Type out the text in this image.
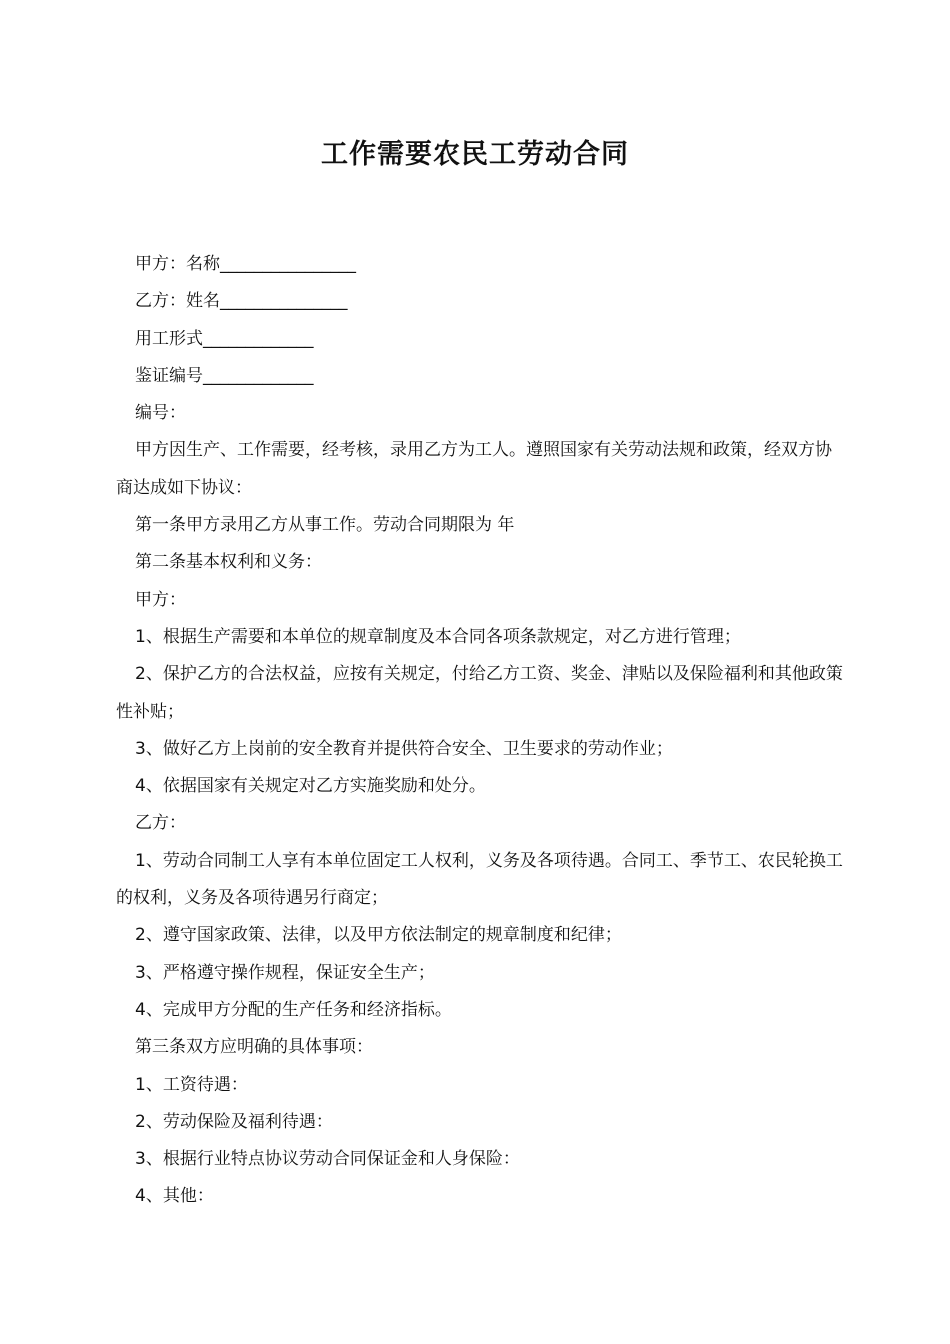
工作需要农民工劳动合同

甲方：名称________________

乙方：姓名_______________

用工形式_____________

鉴证编号_____________

编号：

甲方因生产、工作需要，经考核，录用乙方为工人。遵照国家有关劳动法规和政策，经双方协商达成如下协议：

第一条甲方录用乙方从事工作。劳动合同期限为 年

第二条基本权利和义务：

甲方：

1、根据生产需要和本单位的规章制度及本合同各项条款规定，对乙方进行管理；

2、保护乙方的合法权益，应按有关规定，付给乙方工资、奖金、津贴以及保险福利和其他政策性补贴；

3、做好乙方上岗前的安全教育并提供符合安全、卫生要求的劳动作业；

4、依据国家有关规定对乙方实施奖励和处分。

乙方：

1、劳动合同制工人享有本单位固定工人权利，义务及各项待遇。合同工、季节工、农民轮换工的权利，义务及各项待遇另行商定；

2、遵守国家政策、法律，以及甲方依法制定的规章制度和纪律；

3、严格遵守操作规程，保证安全生产；

4、完成甲方分配的生产任务和经济指标。

第三条双方应明确的具体事项：

1、工资待遇：

2、劳动保险及福利待遇：

3、根据行业特点协议劳动合同保证金和人身保险：

4、其他：
